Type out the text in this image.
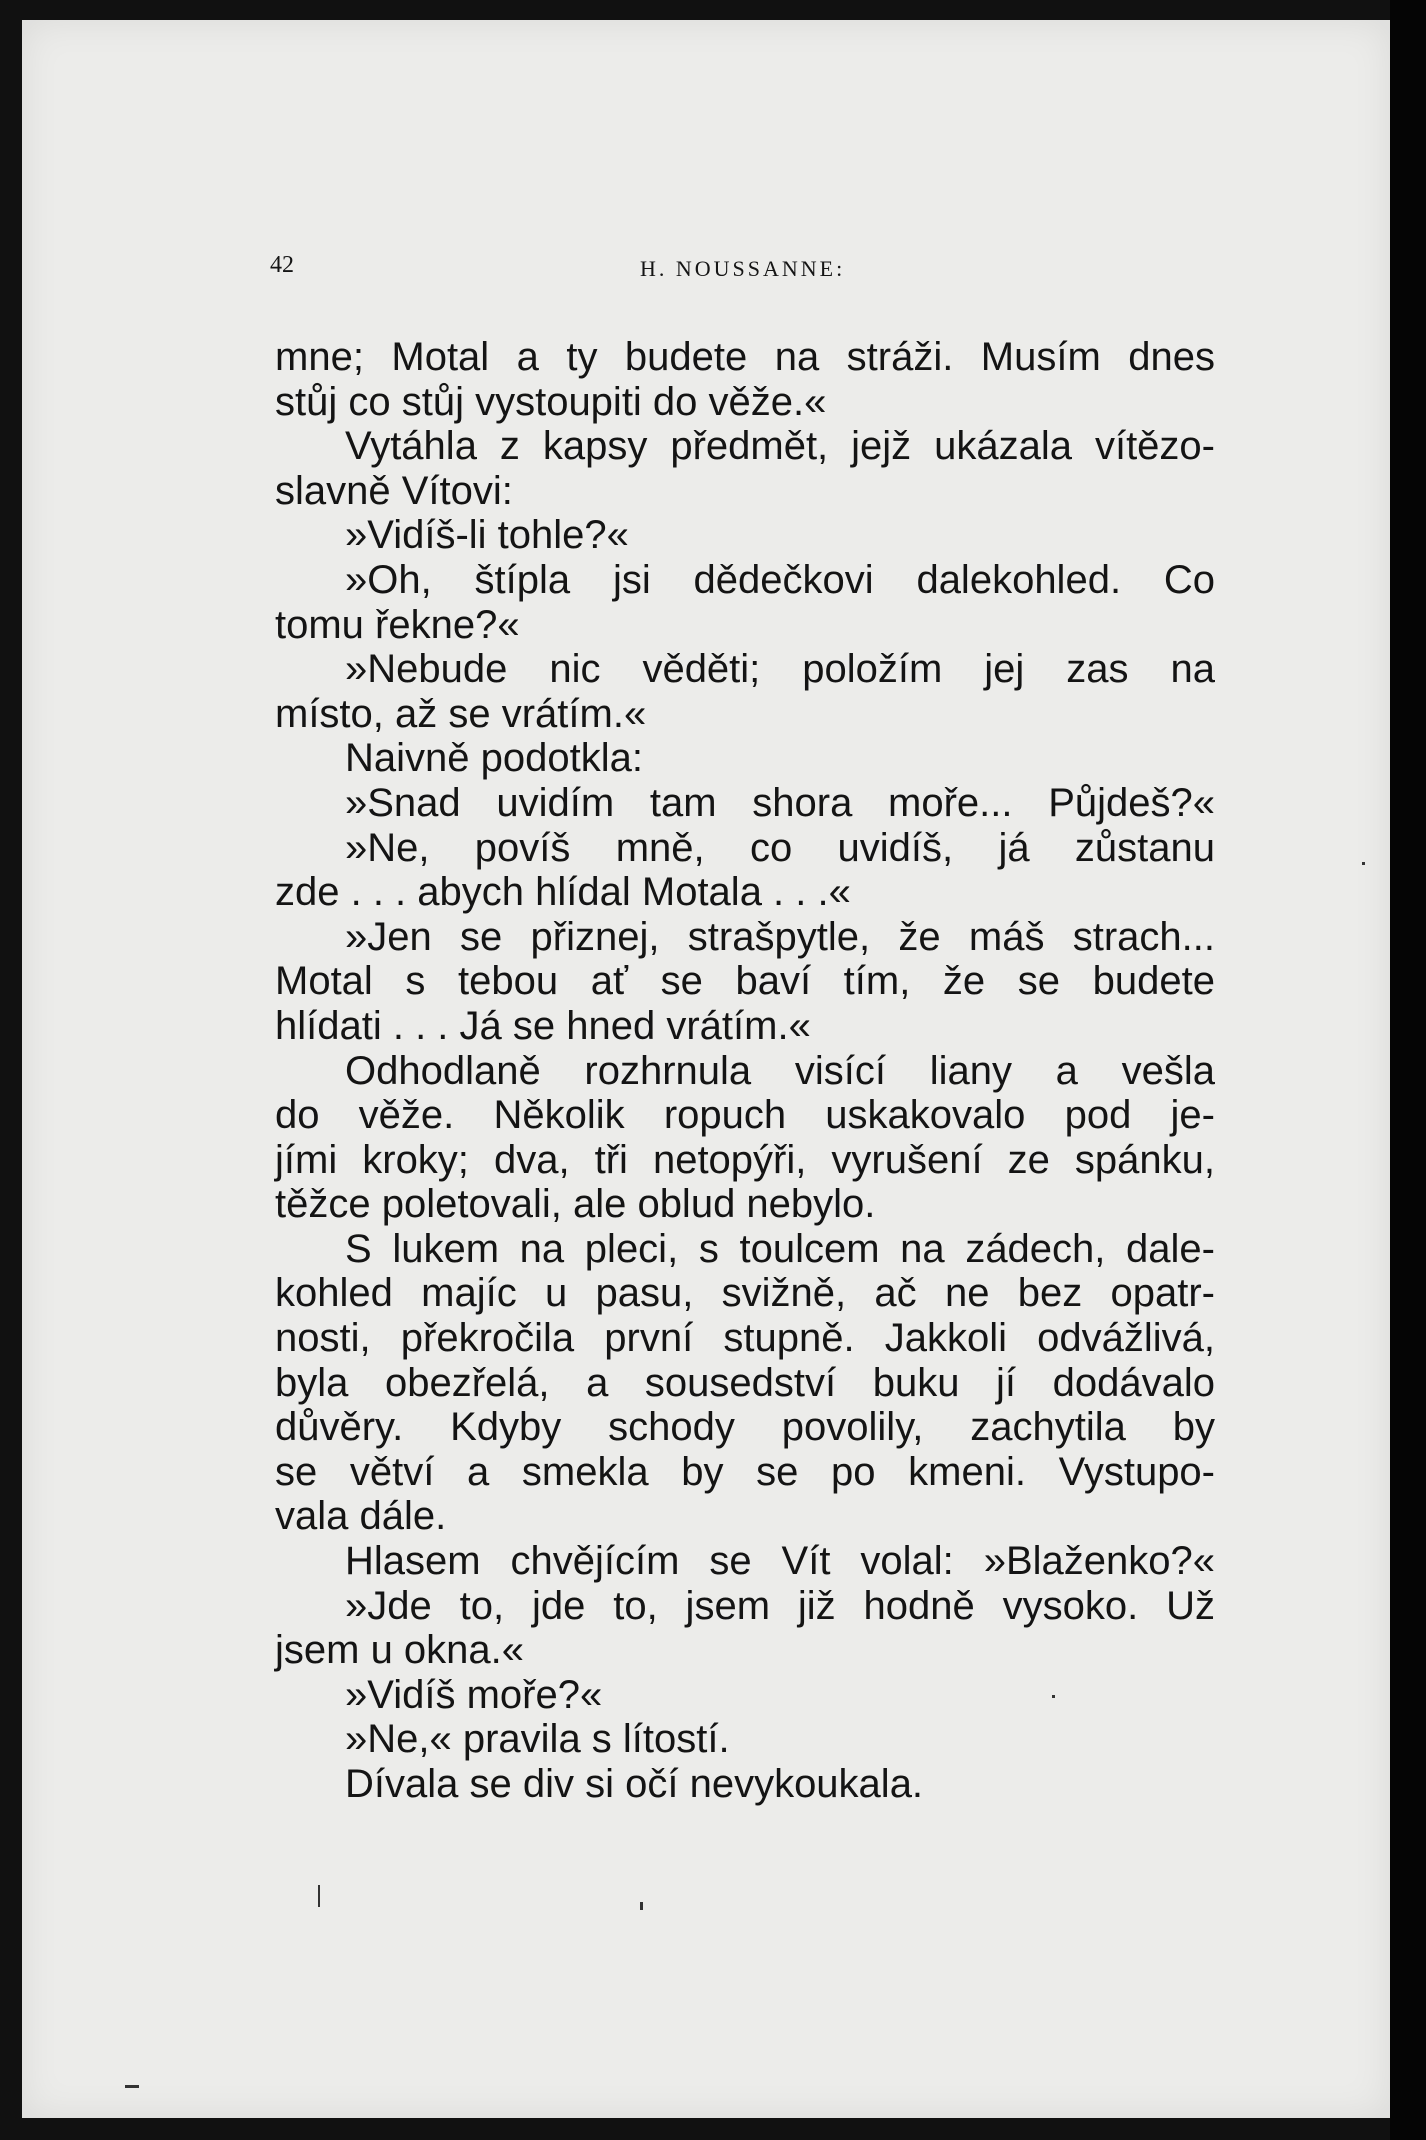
42	H. NOUSSANNE:
mne; Motal a ty budete na stráži. Musím dnes
stůj co stůj vystoupiti do věže.«
Vytáhla z kapsy předmět, jejž ukázala vítězo-
slavně Vítovi:
»Vidíš-li tohle?«
»Oh, štípla jsi dědečkovi dalekohled. Co
tomu řekne?«
»Nebude nic věděti; položím jej zas na
místo, až se vrátím.«
Naivně podotkla:
»Snad uvidím tam shora moře... Půjdeš?«
»Ne, povíš mně, co uvidíš, já zůstanu
zde . . . abych hlídal Motala . . .«
»Jen se přiznej, strašpytle, že máš strach...
Motal s tebou ať se baví tím, že se budete
hlídati . . . Já se hned vrátím.«
Odhodlaně rozhrnula visící liany a vešla
do věže. Několik ropuch uskakovalo pod je-
jími kroky; dva, tři netopýři, vyrušení ze spánku,
těžce poletovali, ale oblud nebylo.
S lukem na pleci, s toulcem na zádech, dale-
kohled majíc u pasu, svižně, ač ne bez opatr-
nosti, překročila první stupně. Jakkoli odvážlivá,
byla obezřelá, a sousedství buku jí dodávalo
důvěry. Kdyby schody povolily, zachytila by
se větví a smekla by se po kmeni. Vystupo-
vala dále.
Hlasem chvějícím se Vít volal: »Blaženko?«
»Jde to, jde to, jsem již hodně vysoko. Už
jsem u okna.«
»Vidíš moře?«
»Ne,« pravila s lítostí.
Dívala se div si očí nevykoukala.
